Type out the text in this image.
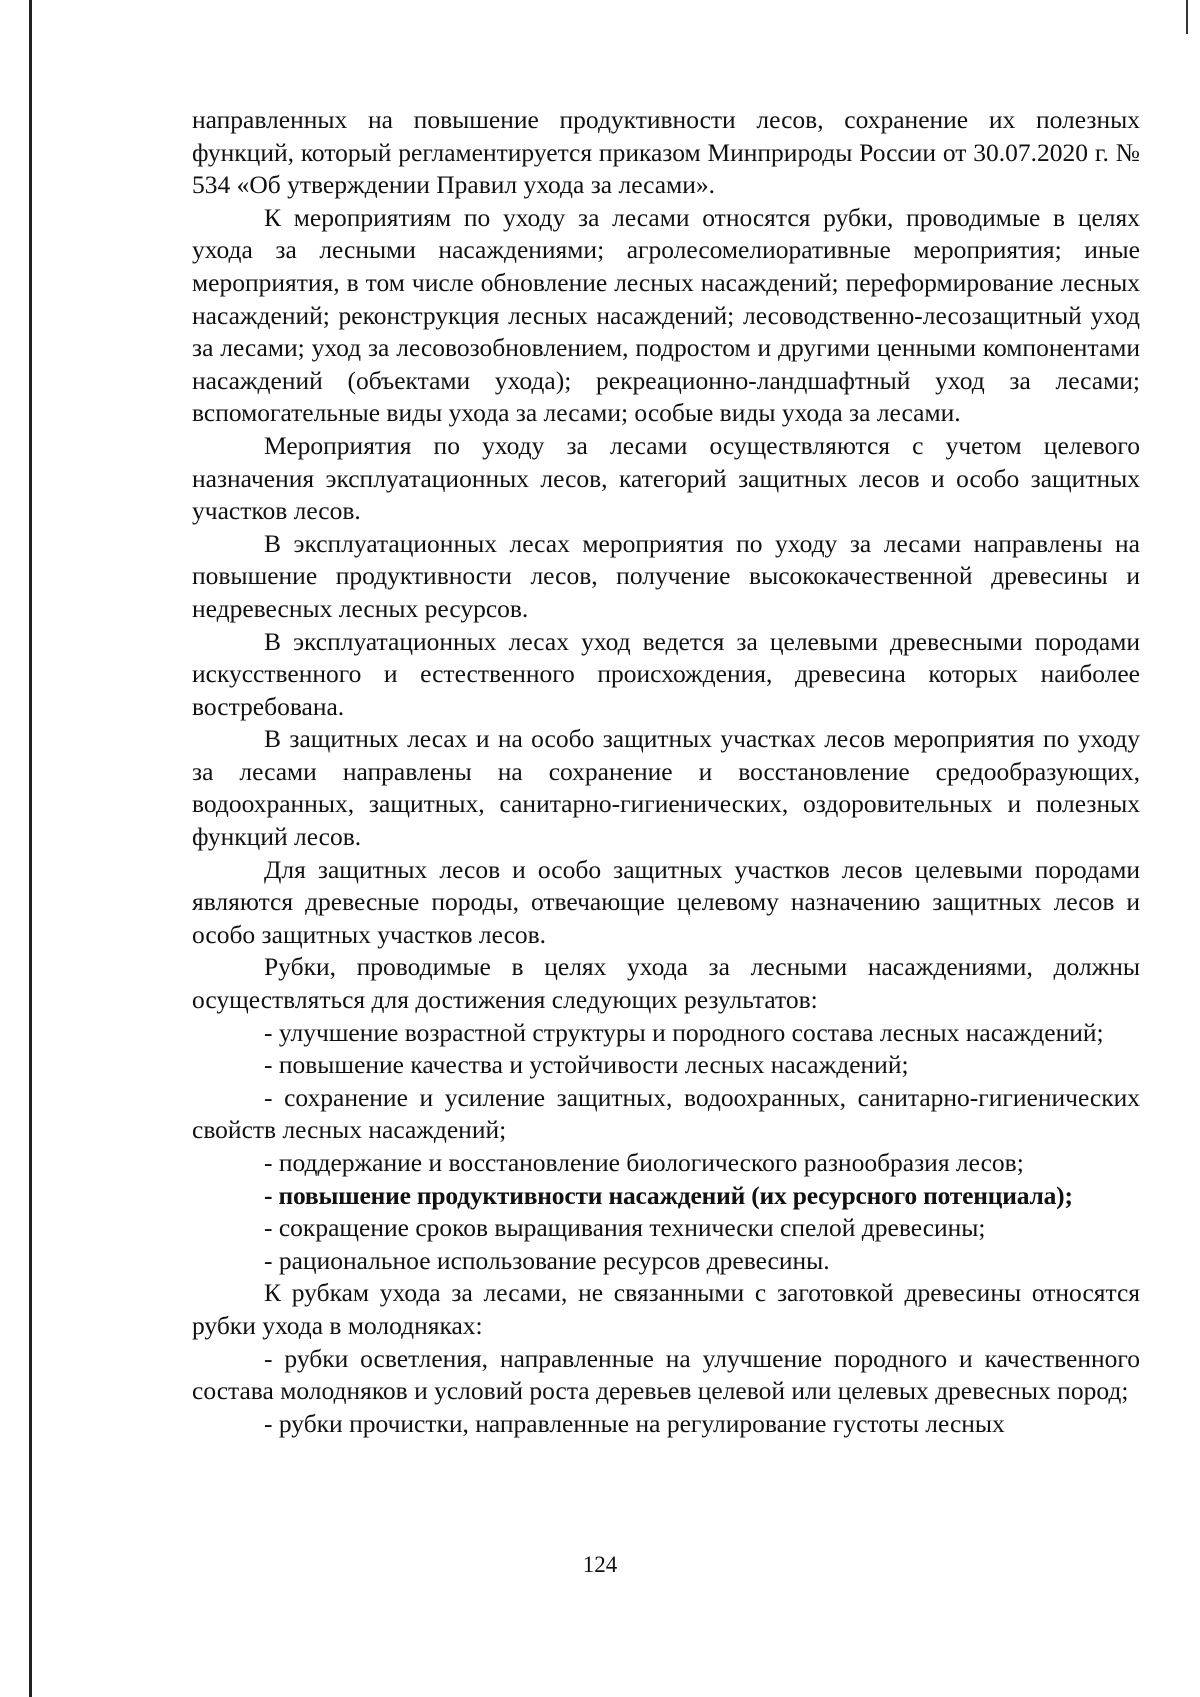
направленных на повышение продуктивности лесов, сохранение их полезных функций, который регламентируется приказом Минприроды России от 30.07.2020 г. № 534 «Об утверждении Правил ухода за лесами».

К мероприятиям по уходу за лесами относятся рубки, проводимые в целях ухода за лесными насаждениями; агролесомелиоративные мероприятия; иные мероприятия, в том числе обновление лесных насаждений; переформирование лесных насаждений; реконструкция лесных насаждений; лесоводственно-лесозащитный уход за лесами; уход за лесовозобновлением, подростом и другими ценными компонентами насаждений (объектами ухода); рекреационно-ландшафтный уход за лесами; вспомогательные виды ухода за лесами; особые виды ухода за лесами.

Мероприятия по уходу за лесами осуществляются с учетом целевого назначения эксплуатационных лесов, категорий защитных лесов и особо защитных участков лесов.

В эксплуатационных лесах мероприятия по уходу за лесами направлены на повышение продуктивности лесов, получение высококачественной древесины и недревесных лесных ресурсов.

В эксплуатационных лесах уход ведется за целевыми древесными породами искусственного и естественного происхождения, древесина которых наиболее востребована.

В защитных лесах и на особо защитных участках лесов мероприятия по уходу за лесами направлены на сохранение и восстановление средообразующих, водоохранных, защитных, санитарно-гигиенических, оздоровительных и полезных функций лесов.

Для защитных лесов и особо защитных участков лесов целевыми породами являются древесные породы, отвечающие целевому назначению защитных лесов и особо защитных участков лесов.

Рубки, проводимые в целях ухода за лесными насаждениями, должны осуществляться для достижения следующих результатов:

- улучшение возрастной структуры и породного состава лесных насаждений;

- повышение качества и устойчивости лесных насаждений;

- сохранение и усиление защитных, водоохранных, санитарно-гигиенических свойств лесных насаждений;

- поддержание и восстановление биологического разнообразия лесов;

- повышение продуктивности насаждений (их ресурсного потенциала);

- сокращение сроков выращивания технически спелой древесины;

- рациональное использование ресурсов древесины.

К рубкам ухода за лесами, не связанными с заготовкой древесины относятся рубки ухода в молодняках:

- рубки осветления, направленные на улучшение породного и качественного состава молодняков и условий роста деревьев целевой или целевых древесных пород;

- рубки прочистки, направленные на регулирование густоты лесных

124
